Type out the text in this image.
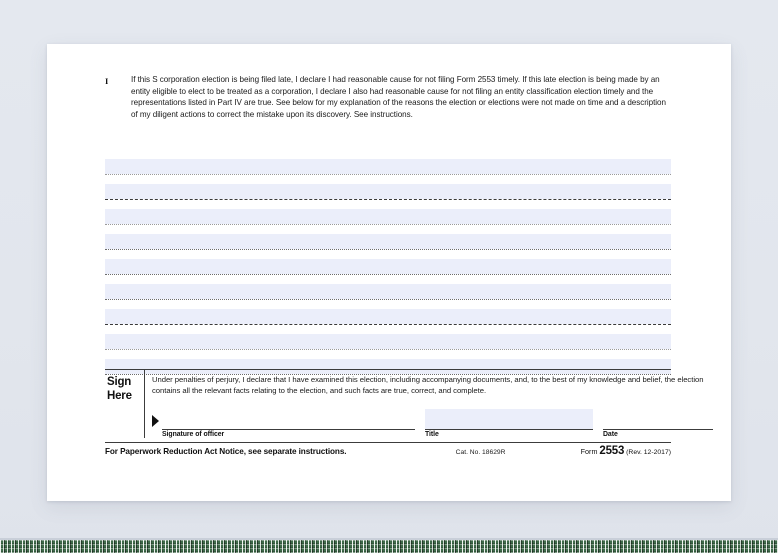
I	If this S corporation election is being filed late, I declare I had reasonable cause for not filing Form 2553 timely. If this late election is being made by an entity eligible to elect to be treated as a corporation, I declare I also had reasonable cause for not filing an entity classification election timely and the representations listed in Part IV are true. See below for my explanation of the reasons the election or elections were not made on time and a description of my diligent actions to correct the mistake upon its discovery. See instructions.
Sign
Here
Under penalties of perjury, I declare that I have examined this election, including accompanying documents, and, to the best of my knowledge and belief, the election contains all the relevant facts relating to the election, and such facts are true, correct, and complete.
Signature of officer	Title	Date
For Paperwork Reduction Act Notice, see separate instructions.	Cat. No. 18629R	Form 2553 (Rev. 12-2017)
